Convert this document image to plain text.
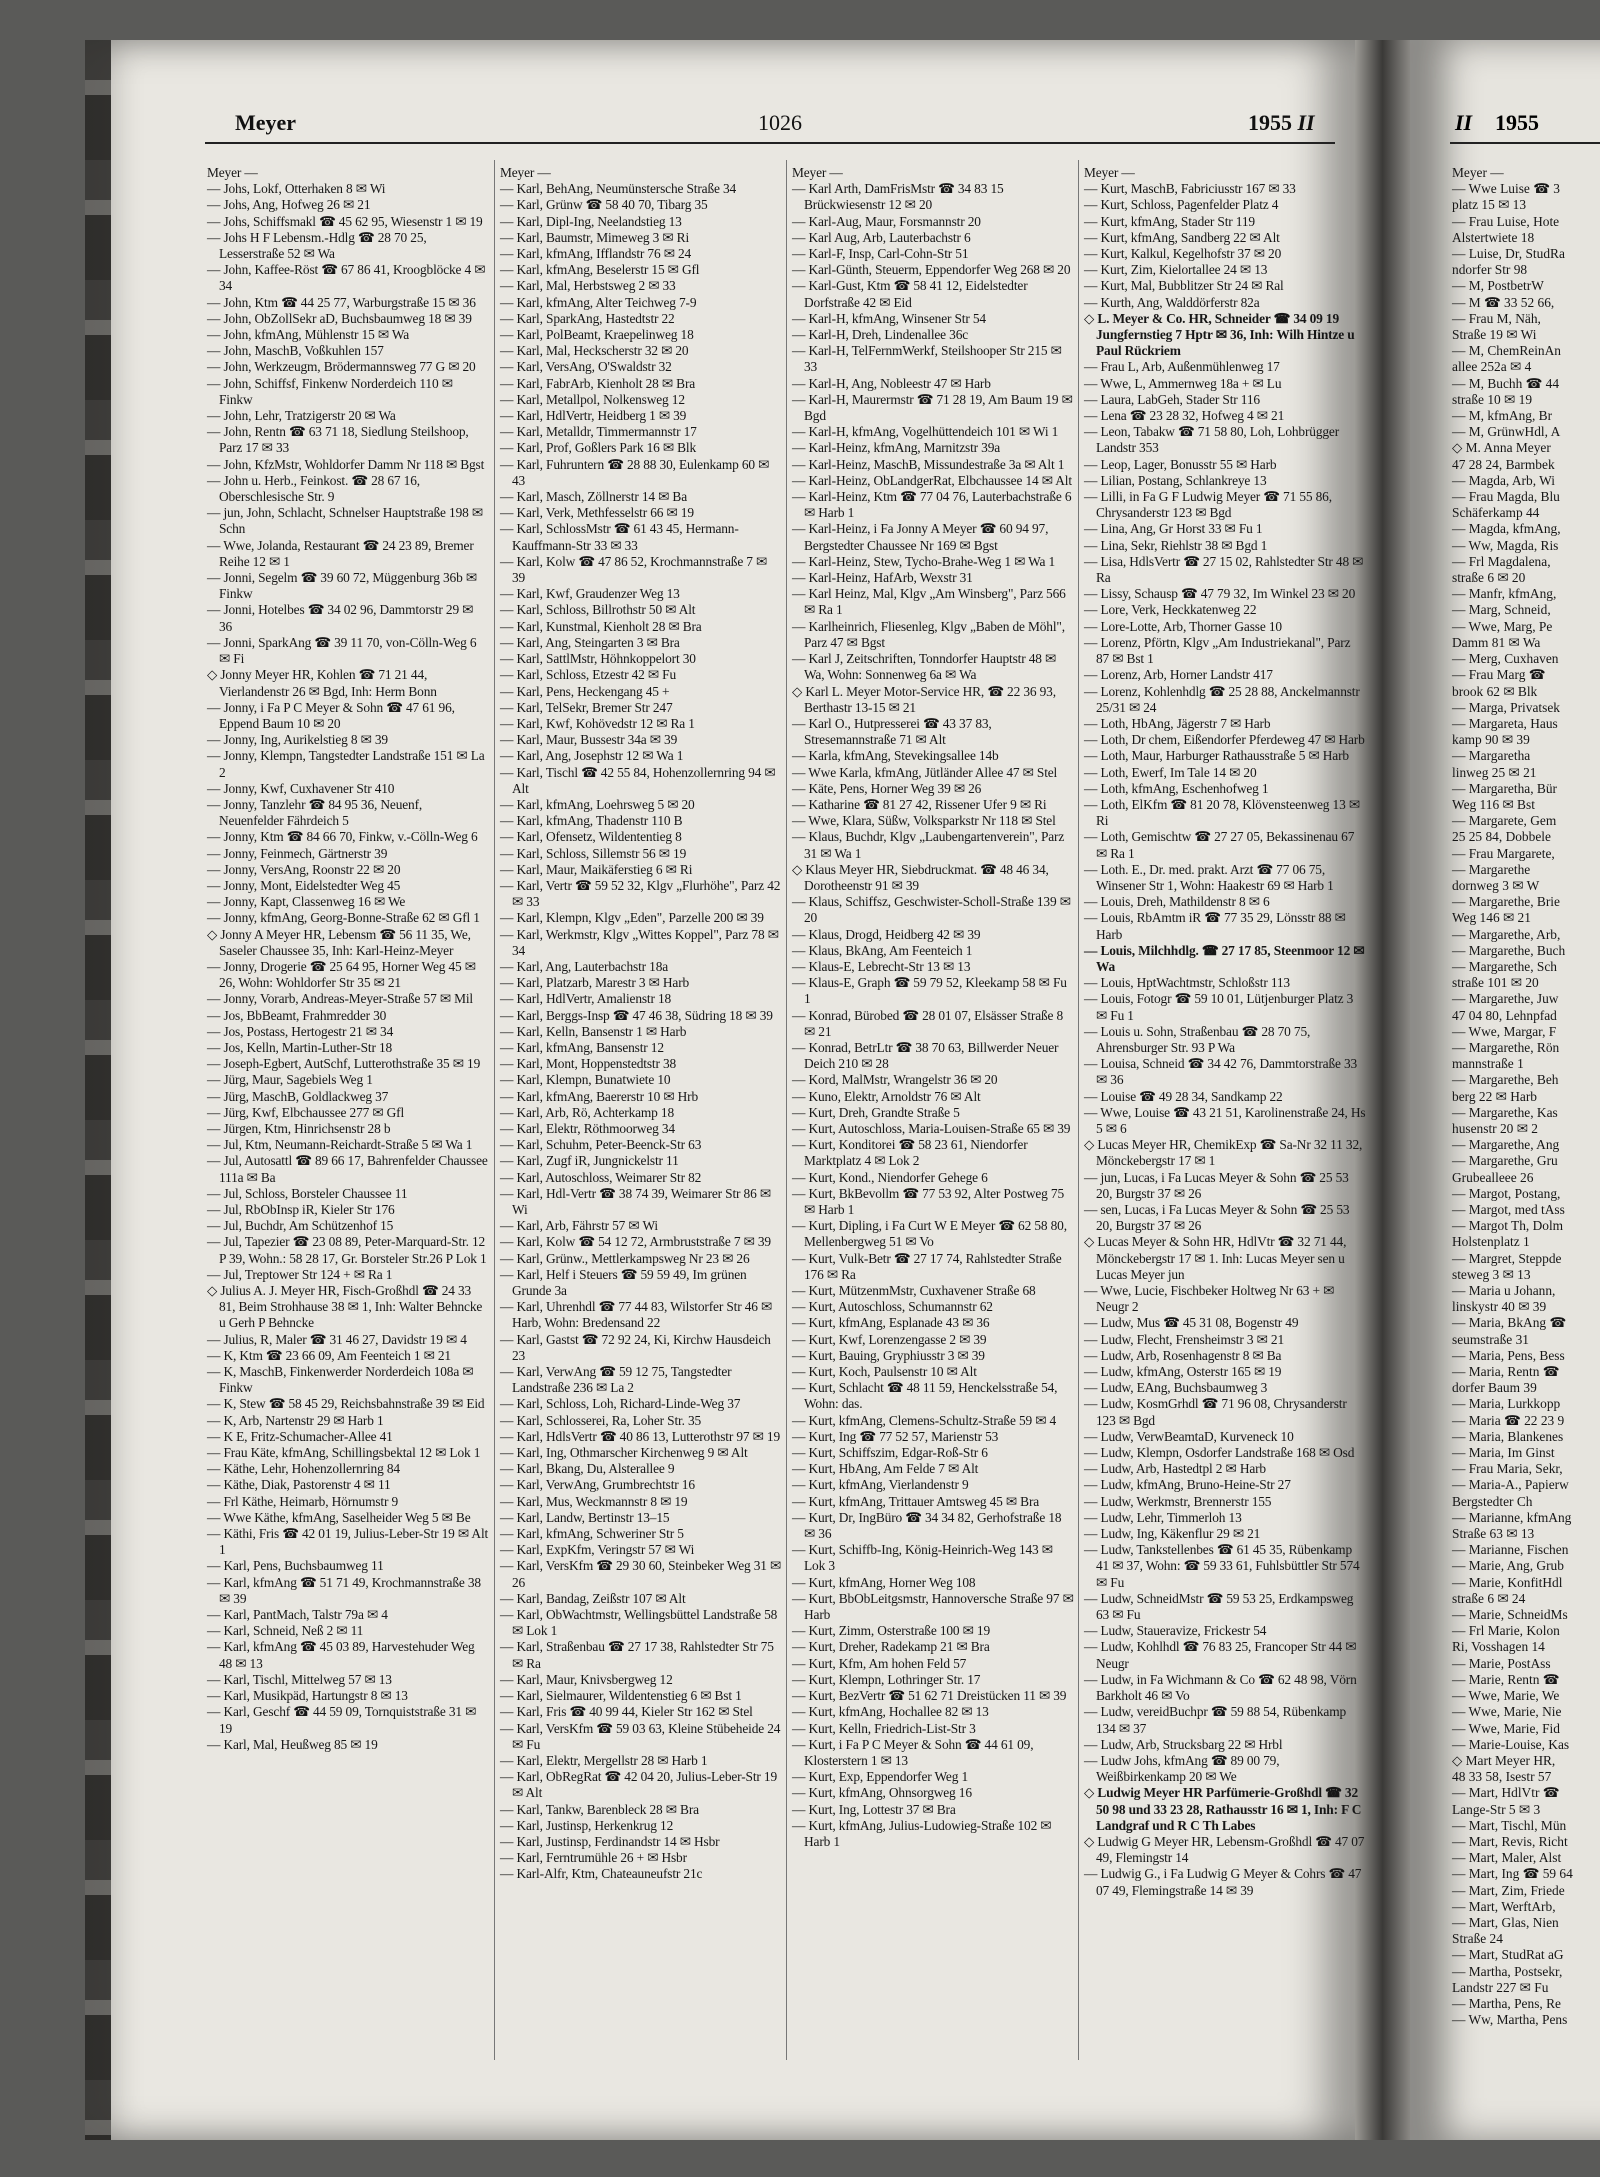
Meyer	1026	1955 II
Meyer —
— Johs, Lokf, Otterhaken 8 ✉ Wi
— Johs, Ang, Hofweg 26 ✉ 21
— Johs, Schiffsmakl ☎ 45 62 95, Wiesenstr 1 ✉ 19
— Johs H F Lebensm.-Hdlg ☎ 28 70 25, Lesserstraße 52 ✉ Wa
— John, Kaffee-Röst ☎ 67 86 41, Kroogblöcke 4 ✉ 34
— John, Ktm ☎ 44 25 77, Warburgstraße 15 ✉ 36
— John, ObZollSekr aD, Buchsbaumweg 18 ✉ 39
— John, kfmAng, Mühlenstr 15 ✉ Wa
— John, MaschB, Voßkuhlen 157
— John, Werkzeugm, Brödermannsweg 77 G ✉ 20
— John, Schiffsf, Finkenw Norderdeich 110 ✉ Finkw
— John, Lehr, Tratzigerstr 20 ✉ Wa
— John, Rentn ☎ 63 71 18, Siedlung Steilshoop, Parz 17 ✉ 33
— John, KfzMstr, Wohldorfer Damm Nr 118 ✉ Bgst
— John u. Herb., Feinkost. ☎ 28 67 16, Oberschlesische Str. 9
— jun, John, Schlacht, Schnelser Hauptstraße 198 ✉ Schn
— Wwe, Jolanda, Restaurant ☎ 24 23 89, Bremer Reihe 12 ✉ 1
— Jonni, Segelm ☎ 39 60 72, Müggenburg 36b ✉ Finkw
— Jonni, Hotelbes ☎ 34 02 96, Dammtorstr 29 ✉ 36
— Jonni, SparkAng ☎ 39 11 70, von-Cölln-Weg 6 ✉ Fi
◇ Jonny Meyer HR, Kohlen ☎ 71 21 44, Vierlandenstr 26 ✉ Bgd, Inh: Herm Bonn
— Jonny, i Fa P C Meyer & Sohn ☎ 47 61 96, Eppend Baum 10 ✉ 20
— Jonny, Ing, Aurikelstieg 8 ✉ 39
— Jonny, Klempn, Tangstedter Landstraße 151 ✉ La 2
— Jonny, Kwf, Cuxhavener Str 410
— Jonny, Tanzlehr ☎ 84 95 36, Neuenf, Neuenfelder Fährdeich 5
— Jonny, Ktm ☎ 84 66 70, Finkw, v.-Cölln-Weg 6
— Jonny, Feinmech, Gärtnerstr 39
— Jonny, VersAng, Roonstr 22 ✉ 20
— Jonny, Mont, Eidelstedter Weg 45
— Jonny, Kapt, Classenweg 16 ✉ We
— Jonny, kfmAng, Georg-Bonne-Straße 62 ✉ Gfl 1
◇ Jonny A Meyer HR, Lebensm ☎ 56 11 35, We, Saseler Chaussee 35, Inh: Karl-Heinz-Meyer
— Jonny, Drogerie ☎ 25 64 95, Horner Weg 45 ✉ 26, Wohn: Wohldorfer Str 35 ✉ 21
— Jonny, Vorarb, Andreas-Meyer-Straße 57 ✉ Mil
— Jos, BbBeamt, Frahmredder 30
— Jos, Postass, Hertogestr 21 ✉ 34
— Jos, Kelln, Martin-Luther-Str 18
— Joseph-Egbert, AutSchf, Lutterothstraße 35 ✉ 19
— Jürg, Maur, Sagebiels Weg 1
— Jürg, MaschB, Goldlackweg 37
— Jürg, Kwf, Elbchaussee 277 ✉ Gfl
— Jürgen, Ktm, Hinrichsenstr 28 b
— Jul, Ktm, Neumann-Reichardt-Straße 5 ✉ Wa 1
— Jul, Autosattl ☎ 89 66 17, Bahrenfelder Chaussee 111a ✉ Ba
— Jul, Schloss, Borsteler Chaussee 11
— Jul, RbObInsp iR, Kieler Str 176
— Jul, Buchdr, Am Schützenhof 15
— Jul, Tapezier ☎ 23 08 89, Peter-Marquard-Str. 12 P 39, Wohn.: 58 28 17, Gr. Borsteler Str.26 P Lok 1
— Jul, Treptower Str 124 + ✉ Ra 1
◇ Julius A. J. Meyer HR, Fisch-Großhdl ☎ 24 33 81, Beim Strohhause 38 ✉ 1, Inh: Walter Behncke u Gerh P Behncke
— Julius, R, Maler ☎ 31 46 27, Davidstr 19 ✉ 4
— K, Ktm ☎ 23 66 09, Am Feenteich 1 ✉ 21
— K, MaschB, Finkenwerder Norderdeich 108a ✉ Finkw
— K, Stew ☎ 58 45 29, Reichsbahnstraße 39 ✉ Eid
— K, Arb, Nartenstr 29 ✉ Harb 1
— K E, Fritz-Schumacher-Allee 41
— Frau Käte, kfmAng, Schillingsbektal 12 ✉ Lok 1
— Käthe, Lehr, Hohenzollernring 84
— Käthe, Diak, Pastorenstr 4 ✉ 11
— Frl Käthe, Heimarb, Hörnumstr 9
— Wwe Käthe, kfmAng, Saselheider Weg 5 ✉ Be
— Käthi, Fris ☎ 42 01 19, Julius-Leber-Str 19 ✉ Alt 1
— Karl, Pens, Buchsbaumweg 11
— Karl, kfmAng ☎ 51 71 49, Krochmannstraße 38 ✉ 39
— Karl, PantMach, Talstr 79a ✉ 4
— Karl, Schneid, Neß 2 ✉ 11
— Karl, kfmAng ☎ 45 03 89, Harvestehuder Weg 48 ✉ 13
— Karl, Tischl, Mittelweg 57 ✉ 13
— Karl, Musikpäd, Hartungstr 8 ✉ 13
— Karl, Geschf ☎ 44 59 09, Tornquiststraße 31 ✉ 19
— Karl, Mal, Heußweg 85 ✉ 19
Meyer —
— Karl, BehAng, Neumünstersche Straße 34
— Karl, Grünw ☎ 58 40 70, Tibarg 35
— Karl, Dipl-Ing, Neelandstieg 13
— Karl, Baumstr, Mimeweg 3 ✉ Ri
— Karl, kfmAng, Ifflandstr 76 ✉ 24
— Karl, kfmAng, Beselerstr 15 ✉ Gfl
— Karl, Mal, Herbstsweg 2 ✉ 33
— Karl, kfmAng, Alter Teichweg 7-9
— Karl, SparkAng, Hastedtstr 22
— Karl, PolBeamt, Kraepelinweg 18
— Karl, Mal, Heckscherstr 32 ✉ 20
— Karl, VersAng, O'Swaldstr 32
— Karl, FabrArb, Kienholt 28 ✉ Bra
— Karl, Metallpol, Nolkensweg 12
— Karl, HdlVertr, Heidberg 1 ✉ 39
— Karl, Metalldr, Timmermannstr 17
— Karl, Prof, Goßlers Park 16 ✉ Blk
— Karl, Fuhruntern ☎ 28 88 30, Eulenkamp 60 ✉ 43
— Karl, Masch, Zöllnerstr 14 ✉ Ba
— Karl, Verk, Methfesselstr 66 ✉ 19
— Karl, SchlossMstr ☎ 61 43 45, Hermann-Kauffmann-Str 33 ✉ 33
— Karl, Kolw ☎ 47 86 52, Krochmannstraße 7 ✉ 39
— Karl, Kwf, Graudenzer Weg 13
— Karl, Schloss, Billrothstr 50 ✉ Alt
— Karl, Kunstmal, Kienholt 28 ✉ Bra
— Karl, Ang, Steingarten 3 ✉ Bra
— Karl, SattlMstr, Höhnkoppelort 30
— Karl, Schloss, Etzestr 42 ✉ Fu
— Karl, Pens, Heckengang 45 +
— Karl, TelSekr, Bremer Str 247
— Karl, Kwf, Kohövedstr 12 ✉ Ra 1
— Karl, Maur, Bussestr 34a ✉ 39
— Karl, Ang, Josephstr 12 ✉ Wa 1
— Karl, Tischl ☎ 42 55 84, Hohenzollernring 94 ✉ Alt
— Karl, kfmAng, Loehrsweg 5 ✉ 20
— Karl, kfmAng, Thadenstr 110 B
— Karl, Ofensetz, Wildententieg 8
— Karl, Schloss, Sillemstr 56 ✉ 19
— Karl, Maur, Maikäferstieg 6 ✉ Ri
— Karl, Vertr ☎ 59 52 32, Klgv „Flurhöhe", Parz 42 ✉ 33
— Karl, Klempn, Klgv „Eden", Parzelle 200 ✉ 39
— Karl, Werkmstr, Klgv „Wittes Koppel", Parz 78 ✉ 34
— Karl, Ang, Lauterbachstr 18a
— Karl, Platzarb, Marestr 3 ✉ Harb
— Karl, HdlVertr, Amalienstr 18
— Karl, Berggs-Insp ☎ 47 46 38, Südring 18 ✉ 39
— Karl, Kelln, Bansenstr 1 ✉ Harb
— Karl, kfmAng, Bansenstr 12
— Karl, Mont, Hoppenstedtstr 38
— Karl, Klempn, Bunatwiete 10
— Karl, kfmAng, Baererstr 10 ✉ Hrb
— Karl, Arb, Rö, Achterkamp 18
— Karl, Elektr, Röthmoorweg 34
— Karl, Schuhm, Peter-Beenck-Str 63
— Karl, Zugf iR, Jungnickelstr 11
— Karl, Autoschloss, Weimarer Str 82
— Karl, Hdl-Vertr ☎ 38 74 39, Weimarer Str 86 ✉ Wi
— Karl, Arb, Fährstr 57 ✉ Wi
— Karl, Kolw ☎ 54 12 72, Armbruststraße 7 ✉ 39
— Karl, Grünw., Mettlerkampsweg Nr 23 ✉ 26
— Karl, Helf i Steuers ☎ 59 59 49, Im grünen Grunde 3a
— Karl, Uhrenhdl ☎ 77 44 83, Wilstorfer Str 46 ✉ Harb, Wohn: Bredensand 22
— Karl, Gastst ☎ 72 92 24, Ki, Kirchw Hausdeich 23
— Karl, VerwAng ☎ 59 12 75, Tangstedter Landstraße 236 ✉ La 2
— Karl, Schloss, Loh, Richard-Linde-Weg 37
— Karl, Schlosserei, Ra, Loher Str. 35
— Karl, HdlsVertr ☎ 40 86 13, Lutterothstr 97 ✉ 19
— Karl, Ing, Othmarscher Kirchenweg 9 ✉ Alt
— Karl, Bkang, Du, Alsterallee 9
— Karl, VerwAng, Grumbrechtstr 16
— Karl, Mus, Weckmannstr 8 ✉ 19
— Karl, Landw, Bertinstr 13–15
— Karl, kfmAng, Schweriner Str 5
— Karl, ExpKfm, Veringstr 57 ✉ Wi
— Karl, VersKfm ☎ 29 30 60, Steinbeker Weg 31 ✉ 26
— Karl, Bandag, Zeißstr 107 ✉ Alt
— Karl, ObWachtmstr, Wellingsbüttel Landstraße 58 ✉ Lok 1
— Karl, Straßenbau ☎ 27 17 38, Rahlstedter Str 75 ✉ Ra
— Karl, Maur, Knivsbergweg 12
— Karl, Sielmaurer, Wildentenstieg 6 ✉ Bst 1
— Karl, Fris ☎ 40 99 44, Kieler Str 162 ✉ Stel
— Karl, VersKfm ☎ 59 03 63, Kleine Stübeheide 24 ✉ Fu
— Karl, Elektr, Mergellstr 28 ✉ Harb 1
— Karl, ObRegRat ☎ 42 04 20, Julius-Leber-Str 19 ✉ Alt
— Karl, Tankw, Barenbleck 28 ✉ Bra
— Karl, Justinsp, Herkenkrug 12
— Karl, Justinsp, Ferdinandstr 14 ✉ Hsbr
— Karl, Ferntrumühle 26 + ✉ Hsbr
— Karl-Alfr, Ktm, Chateauneufstr 21c
Meyer —
— Karl Arth, DamFrisMstr ☎ 34 83 15 Brückwiesenstr 12 ✉ 20
— Karl-Aug, Maur, Forsmannstr 20
— Karl Aug, Arb, Lauterbachstr 6
— Karl-F, Insp, Carl-Cohn-Str 51
— Karl-Günth, Steuerm, Eppendorfer Weg 268 ✉ 20
— Karl-Gust, Ktm ☎ 58 41 12, Eidelstedter Dorfstraße 42 ✉ Eid
— Karl-H, kfmAng, Winsener Str 54
— Karl-H, Dreh, Lindenallee 36c
— Karl-H, TelFernmWerkf, Steilshooper Str 215 ✉ 33
— Karl-H, Ang, Nobleestr 47 ✉ Harb
— Karl-H, Maurermstr ☎ 71 28 19, Am Baum 19 ✉ Bgd
— Karl-H, kfmAng, Vogelhüttendeich 101 ✉ Wi 1
— Karl-Heinz, kfmAng, Marnitzstr 39a
— Karl-Heinz, MaschB, Missundestraße 3a ✉ Alt 1
— Karl-Heinz, ObLandgerRat, Elbchaussee 14 ✉ Alt
— Karl-Heinz, Ktm ☎ 77 04 76, Lauterbachstraße 6 ✉ Harb 1
— Karl-Heinz, i Fa Jonny A Meyer ☎ 60 94 97, Bergstedter Chaussee Nr 169 ✉ Bgst
— Karl-Heinz, Stew, Tycho-Brahe-Weg 1 ✉ Wa 1
— Karl-Heinz, HafArb, Wexstr 31
— Karl Heinz, Mal, Klgv „Am Winsberg", Parz 566 ✉ Ra 1
— Karlheinrich, Fliesenleg, Klgv „Baben de Möhl", Parz 47 ✉ Bgst
— Karl J, Zeitschriften, Tonndorfer Hauptstr 48 ✉ Wa, Wohn: Sonnenweg 6a ✉ Wa
◇ Karl L. Meyer Motor-Service HR, ☎ 22 36 93, Berthastr 13-15 ✉ 21
— Karl O., Hutpresserei ☎ 43 37 83, Stresemannstraße 71 ✉ Alt
— Karla, kfmAng, Stevekingsallee 14b
— Wwe Karla, kfmAng, Jütländer Allee 47 ✉ Stel
— Käte, Pens, Horner Weg 39 ✉ 26
— Katharine ☎ 81 27 42, Rissener Ufer 9 ✉ Ri
— Wwe, Klara, Süßw, Volksparkstr Nr 118 ✉ Stel
— Klaus, Buchdr, Klgv „Laubengartenverein", Parz 31 ✉ Wa 1
◇ Klaus Meyer HR, Siebdruckmat. ☎ 48 46 34, Dorotheenstr 91 ✉ 39
— Klaus, Schiffsz, Geschwister-Scholl-Straße 139 ✉ 20
— Klaus, Drogd, Heidberg 42 ✉ 39
— Klaus, BkAng, Am Feenteich 1
— Klaus-E, Lebrecht-Str 13 ✉ 13
— Klaus-E, Graph ☎ 59 79 52, Kleekamp 58 ✉ Fu 1
— Konrad, Bürobed ☎ 28 01 07, Elsässer Straße 8 ✉ 21
— Konrad, BetrLtr ☎ 38 70 63, Billwerder Neuer Deich 210 ✉ 28
— Kord, MalMstr, Wrangelstr 36 ✉ 20
— Kuno, Elektr, Arnoldstr 76 ✉ Alt
— Kurt, Dreh, Grandte Straße 5
— Kurt, Autoschloss, Maria-Louisen-Straße 65 ✉ 39
— Kurt, Konditorei ☎ 58 23 61, Niendorfer Marktplatz 4 ✉ Lok 2
— Kurt, Kond., Niendorfer Gehege 6
— Kurt, BkBevollm ☎ 77 53 92, Alter Postweg 75 ✉ Harb 1
— Kurt, Dipling, i Fa Curt W E Meyer ☎ 62 58 80, Mellenbergweg 51 ✉ Vo
— Kurt, Vulk-Betr ☎ 27 17 74, Rahlstedter Straße 176 ✉ Ra
— Kurt, MützenmMstr, Cuxhavener Straße 68
— Kurt, Autoschloss, Schumannstr 62
— Kurt, kfmAng, Esplanade 43 ✉ 36
— Kurt, Kwf, Lorenzengasse 2 ✉ 39
— Kurt, Bauing, Gryphiusstr 3 ✉ 39
— Kurt, Koch, Paulsenstr 10 ✉ Alt
— Kurt, Schlacht ☎ 48 11 59, Henckelsstraße 54, Wohn: das.
— Kurt, kfmAng, Clemens-Schultz-Straße 59 ✉ 4
— Kurt, Ing ☎ 77 52 57, Marienstr 53
— Kurt, Schiffszim, Edgar-Roß-Str 6
— Kurt, HbAng, Am Felde 7 ✉ Alt
— Kurt, kfmAng, Vierlandenstr 9
— Kurt, kfmAng, Trittauer Amtsweg 45 ✉ Bra
— Kurt, Dr, IngBüro ☎ 34 34 82, Gerhofstraße 18 ✉ 36
— Kurt, Schiffb-Ing, König-Heinrich-Weg 143 ✉ Lok 3
— Kurt, kfmAng, Horner Weg 108
— Kurt, BbObLeitgsmstr, Hannoversche Straße 97 ✉ Harb
— Kurt, Zimm, Osterstraße 100 ✉ 19
— Kurt, Dreher, Radekamp 21 ✉ Bra
— Kurt, Kfm, Am hohen Feld 57
— Kurt, Klempn, Lothringer Str. 17
— Kurt, BezVertr ☎ 51 62 71 Dreistücken 11 ✉ 39
— Kurt, kfmAng, Hochallee 82 ✉ 13
— Kurt, Kelln, Friedrich-List-Str 3
— Kurt, i Fa P C Meyer & Sohn ☎ 44 61 09, Klosterstern 1 ✉ 13
— Kurt, Exp, Eppendorfer Weg 1
— Kurt, kfmAng, Ohnsorgweg 16
— Kurt, Ing, Lottestr 37 ✉ Bra
— Kurt, kfmAng, Julius-Ludowieg-Straße 102 ✉ Harb 1
Meyer —
— Kurt, MaschB, Fabriciusstr 167 ✉ 33
— Kurt, Schloss, Pagenfelder Platz 4
— Kurt, kfmAng, Stader Str 119
— Kurt, kfmAng, Sandberg 22 ✉ Alt
— Kurt, Kalkul, Kegelhofstr 37 ✉ 20
— Kurt, Zim, Kielortallee 24 ✉ 13
— Kurt, Mal, Bubblitzer Str 24 ✉ Ral
— Kurth, Ang, Walddörferstr 82a
◇ L. Meyer & Co. HR, Schneider ☎ 34 09 19 Jungfernstieg 7 Hptr ✉ 36, Inh: Wilh Hintze u Paul Rückriem
— Frau L, Arb, Außenmühlenweg 17
— Wwe, L, Ammernweg 18a + ✉ Lu
— Laura, LabGeh, Stader Str 116
— Lena ☎ 23 28 32, Hofweg 4 ✉ 21
— Leon, Tabakw ☎ 71 58 80, Loh, Lohbrügger Landstr 353
— Leop, Lager, Bonusstr 55 ✉ Harb
— Lilian, Postang, Schlankreye 13
— Lilli, in Fa G F Ludwig Meyer ☎ 71 55 86, Chrysanderstr 123 ✉ Bgd
— Lina, Ang, Gr Horst 33 ✉ Fu 1
— Lina, Sekr, Riehlstr 38 ✉ Bgd 1
— Lisa, HdlsVertr ☎ 27 15 02, Rahlstedter Str 48 ✉ Ra
— Lissy, Schausp ☎ 47 79 32, Im Winkel 23 ✉ 20
— Lore, Verk, Heckkatenweg 22
— Lore-Lotte, Arb, Thorner Gasse 10
— Lorenz, Pförtn, Klgv „Am Industriekanal", Parz 87 ✉ Bst 1
— Lorenz, Arb, Horner Landstr 417
— Lorenz, Kohlenhdlg ☎ 25 28 88, Anckelmannstr 25/31 ✉ 24
— Loth, HbAng, Jägerstr 7 ✉ Harb
— Loth, Dr chem, Eißendorfer Pferdeweg 47 ✉ Harb
— Loth, Maur, Harburger Rathausstraße 5 ✉ Harb
— Loth, Ewerf, Im Tale 14 ✉ 20
— Loth, kfmAng, Eschenhofweg 1
— Loth, ElKfm ☎ 81 20 78, Klövensteenweg 13 ✉ Ri
— Loth, Gemischtw ☎ 27 27 05, Bekassinenau 67 ✉ Ra 1
— Loth. E., Dr. med. prakt. Arzt ☎ 77 06 75, Winsener Str 1, Wohn: Haakestr 69 ✉ Harb 1
— Louis, Dreh, Mathildenstr 8 ✉ 6
— Louis, RbAmtm iR ☎ 77 35 29, Lönsstr 88 ✉ Harb
— Louis, Milchhdlg. ☎ 27 17 85, Steenmoor 12 ✉ Wa
— Louis, HptWachtmstr, Schloßstr 113
— Louis, Fotogr ☎ 59 10 01, Lütjenburger Platz 3 ✉ Fu 1
— Louis u. Sohn, Straßenbau ☎ 28 70 75, Ahrensburger Str. 93 P Wa
— Louisa, Schneid ☎ 34 42 76, Dammtorstraße 33 ✉ 36
— Louise ☎ 49 28 34, Sandkamp 22
— Wwe, Louise ☎ 43 21 51, Karolinenstraße 24, Hs 5 ✉ 6
◇ Lucas Meyer HR, ChemikExp ☎ Sa-Nr 32 11 32, Mönckebergstr 17 ✉ 1
— jun, Lucas, i Fa Lucas Meyer & Sohn ☎ 25 53 20, Burgstr 37 ✉ 26
— sen, Lucas, i Fa Lucas Meyer & Sohn ☎ 25 53 20, Burgstr 37 ✉ 26
◇ Lucas Meyer & Sohn HR, HdlVtr ☎ 32 71 44, Mönckebergstr 17 ✉ 1. Inh: Lucas Meyer sen u Lucas Meyer jun
— Wwe, Lucie, Fischbeker Holtweg Nr 63 + ✉ Neugr 2
— Ludw, Mus ☎ 45 31 08, Bogenstr 49
— Ludw, Flecht, Frensheimstr 3 ✉ 21
— Ludw, Arb, Rosenhagenstr 8 ✉ Ba
— Ludw, kfmAng, Osterstr 165 ✉ 19
— Ludw, EAng, Buchsbaumweg 3
— Ludw, KosmGrhdl ☎ 71 96 08, Chrysanderstr 123 ✉ Bgd
— Ludw, VerwBeamtaD, Kurveneck 10
— Ludw, Klempn, Osdorfer Landstraße 168 ✉ Osd
— Ludw, Arb, Hastedtpl 2 ✉ Harb
— Ludw, kfmAng, Bruno-Heine-Str 27
— Ludw, Werkmstr, Brennerstr 155
— Ludw, Lehr, Timmerloh 13
— Ludw, Ing, Käkenflur 29 ✉ 21
— Ludw, Tankstellenbes ☎ 61 45 35, Rübenkamp 41 ✉ 37, Wohn: ☎ 59 33 61, Fuhlsbüttler Str 574 ✉ Fu
— Ludw, SchneidMstr ☎ 59 53 25, Erdkampsweg 63 ✉ Fu
— Ludw, Staueravize, Frickestr 54
— Ludw, Kohlhdl ☎ 76 83 25, Francoper Str 44 ✉ Neugr
— Ludw, in Fa Wichmann & Co ☎ 62 48 98, Vörn Barkholt 46 ✉ Vo
— Ludw, vereidBuchpr ☎ 59 88 54, Rübenkamp 134 ✉ 37
— Ludw, Arb, Strucksbarg 22 ✉ Hrbl
— Ludw Johs, kfmAng ☎ 89 00 79, Weißbirkenkamp 20 ✉ We
◇ Ludwig Meyer HR Parfümerie-Großhdl ☎ 32 50 98 und 33 23 28, Rathausstr 16 ✉ 1, Inh: F C Landgraf und R C Th Labes
◇ Ludwig G Meyer HR, Lebensm-Großhdl ☎ 47 07 49, Flemingstr 14
— Ludwig G., i Fa Ludwig G Meyer & Cohrs ☎ 47 07 49, Flemingstraße 14 ✉ 39
II 1955
Meyer —
— Wwe Luise ☎ 3
platz 15 ✉ 13
— Frau Luise, Hote
Alstertwiete 18
— Luise, Dr, StudRa
ndorfer Str 98
— M, PostbetrW
— M ☎ 33 52 66,
— Frau M, Näh,
Straße 19 ✉ Wi
— M, ChemReinAn
allee 252a ✉ 4
— M, Buchh ☎ 44
straße 10 ✉ 19
— M, kfmAng, Br
— M, GrünwHdl, A
◇ M. Anna Meyer
47 28 24, Barmbek
— Magda, Arb, Wi
— Frau Magda, Blu
Schäferkamp 44
— Magda, kfmAng,
— Ww, Magda, Ris
— Frl Magdalena,
straße 6 ✉ 20
— Manfr, kfmAng,
— Marg, Schneid,
— Wwe, Marg, Pe
Damm 81 ✉ Wa
— Merg, Cuxhaven
— Frau Marg ☎
brook 62 ✉ Blk
— Marga, Privatsek
— Margareta, Haus
kamp 90 ✉ 39
— Margaretha
linweg 25 ✉ 21
— Margaretha, Bür
Weg 116 ✉ Bst
— Margarete, Gem
25 25 84, Dobbele
— Frau Margarete,
— Margarethe
dornweg 3 ✉ W
— Margarethe, Brie
Weg 146 ✉ 21
— Margarethe, Arb,
— Margarethe, Buch
— Margarethe, Sch
straße 101 ✉ 20
— Margarethe, Juw
47 04 80, Lehnpfad
— Wwe, Margar, F
— Margarethe, Rön
mannstraße 1
— Margarethe, Beh
berg 22 ✉ Harb
— Margarethe, Kas
husenstr 20 ✉ 2
— Margarethe, Ang
— Margarethe, Gru
Grubealleee 26
— Margot, Postang,
— Margot, med tAss
— Margot Th, Dolm
Holstenplatz 1
— Margret, Steppde
steweg 3 ✉ 13
— Maria u Johann,
linskystr 40 ✉ 39
— Maria, BkAng ☎
seumstraße 31
— Maria, Pens, Bess
— Maria, Rentn ☎
dorfer Baum 39
— Maria, Lurkkopp
— Maria ☎ 22 23 9
— Maria, Blankenes
— Maria, Im Ginst
— Frau Maria, Sekr,
— Maria-A., Papierw
Bergstedter Ch
— Marianne, kfmAng
Straße 63 ✉ 13
— Marianne, Fischen
— Marie, Ang, Grub
— Marie, KonfitHdl
straße 6 ✉ 24
— Marie, SchneidMs
— Frl Marie, Kolon
Ri, Vosshagen 14
— Marie, PostAss
— Marie, Rentn ☎
— Wwe, Marie, We
— Wwe, Marie, Nie
— Wwe, Marie, Fid
— Marie-Louise, Kas
◇ Mart Meyer HR,
48 33 58, Isestr 57
— Mart, HdlVtr ☎
Lange-Str 5 ✉ 3
— Mart, Tischl, Mün
— Mart, Revis, Richt
— Mart, Maler, Alst
— Mart, Ing ☎ 59 64
— Mart, Zim, Friede
— Mart, WerftArb,
— Mart, Glas, Nien
Straße 24
— Mart, StudRat aG
— Martha, Postsekr,
Landstr 227 ✉ Fu
— Martha, Pens, Re
— Ww, Martha, Pens
